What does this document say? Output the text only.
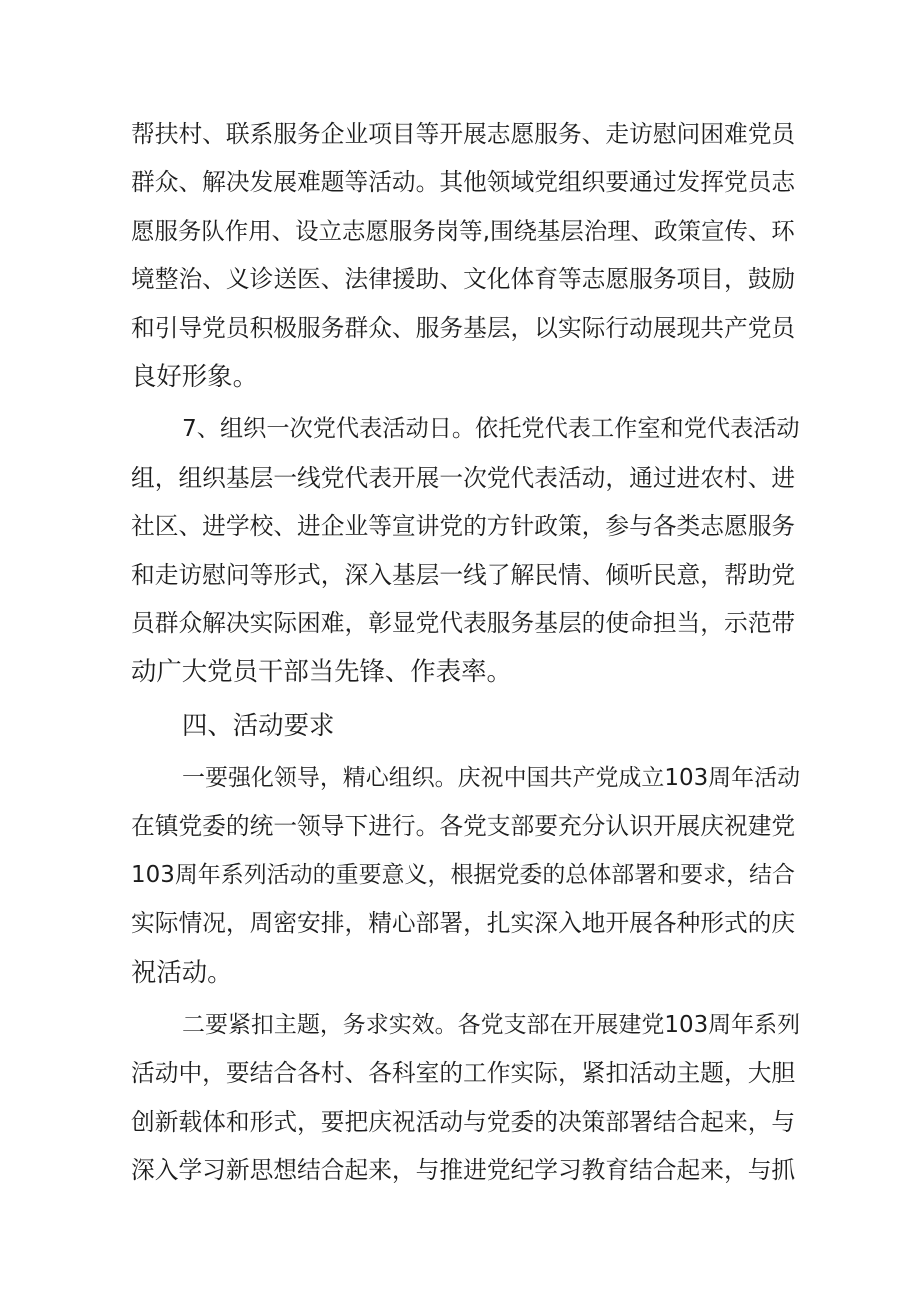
帮扶村、联系服务企业项目等开展志愿服务、走访慰问困难党员
群众、解决发展难题等活动。其他领域党组织要通过发挥党员志
愿服务队作用、设立志愿服务岗等,围绕基层治理、政策宣传、环
境整治、义诊送医、法律援助、文化体育等志愿服务项目，鼓励
和引导党员积极服务群众、服务基层，以实际行动展现共产党员
良好形象。
7、组织一次党代表活动日。依托党代表工作室和党代表活动
组，组织基层一线党代表开展一次党代表活动，通过进农村、进
社区、进学校、进企业等宣讲党的方针政策，参与各类志愿服务
和走访慰问等形式，深入基层一线了解民情、倾听民意，帮助党
员群众解决实际困难，彰显党代表服务基层的使命担当，示范带
动广大党员干部当先锋、作表率。
四、活动要求
一要强化领导，精心组织。庆祝中国共产党成立103周年活动
在镇党委的统一领导下进行。各党支部要充分认识开展庆祝建党
103周年系列活动的重要意义，根据党委的总体部署和要求，结合
实际情况，周密安排，精心部署，扎实深入地开展各种形式的庆
祝活动。
二要紧扣主题，务求实效。各党支部在开展建党103周年系列
活动中，要结合各村、各科室的工作实际，紧扣活动主题，大胆
创新载体和形式，要把庆祝活动与党委的决策部署结合起来，与
深入学习新思想结合起来，与推进党纪学习教育结合起来，与抓
